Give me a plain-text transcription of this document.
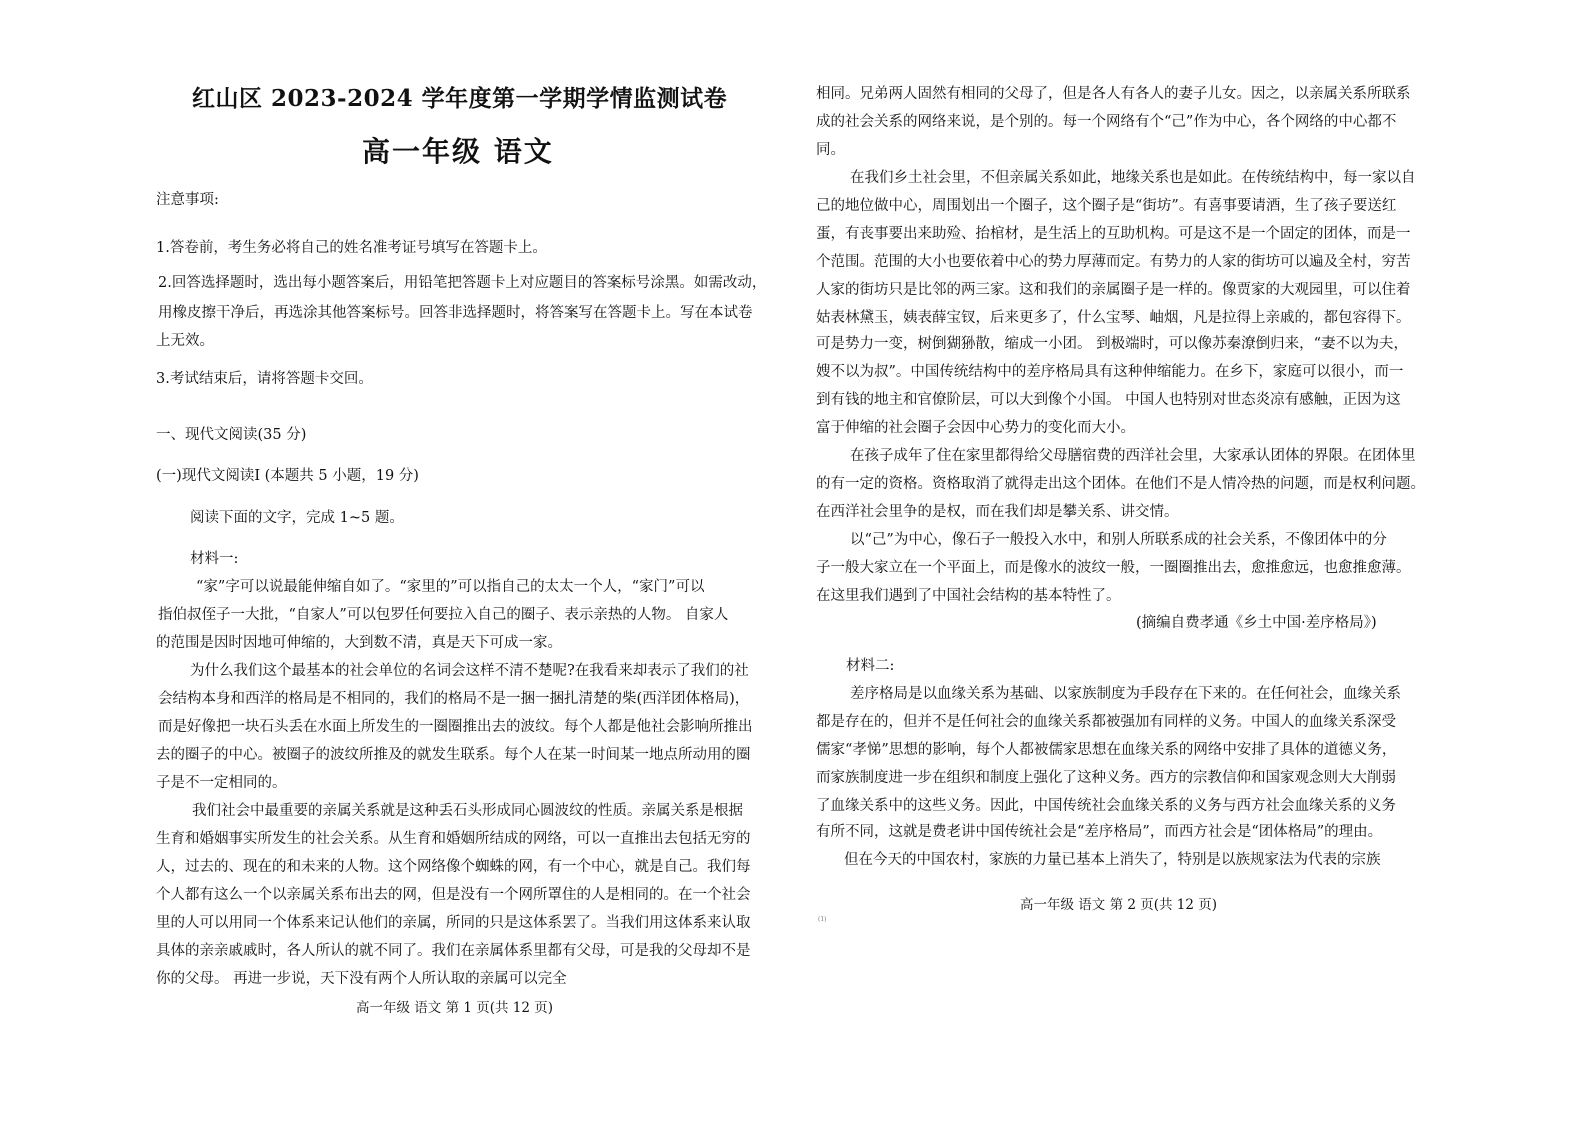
红山区 2023-2024 学年度第一学期学情监测试卷
高一年级 语文
注意事项:
1.答卷前，考生务必将自己的姓名准考证号填写在答题卡上。
2.回答选择题时，选出每小题答案后，用铅笔把答题卡上对应题目的答案标号涂黑。如需改动，
用橡皮擦干净后，再选涂其他答案标号。回答非选择题时，将答案写在答题卡上。写在本试卷
上无效。
3.考试结束后，请将答题卡交回。
一、现代文阅读(35 分)
(一)现代文阅读Ⅰ (本题共 5 小题，19 分)
阅读下面的文字，完成 1~5 题。
材料一:
“家”字可以说最能伸缩自如了。“家里的”可以指自己的太太一个人，“家门”可以
指伯叔侄子一大批，“自家人”可以包罗任何要拉入自己的圈子、表示亲热的人物。 自家人
的范围是因时因地可伸缩的，大到数不清，真是天下可成一家。
为什么我们这个最基本的社会单位的名词会这样不清不楚呢?在我看来却表示了我们的社
会结构本身和西洋的格局是不相同的，我们的格局不是一捆一捆扎清楚的柴(西洋团体格局)，
而是好像把一块石头丢在水面上所发生的一圈圈推出去的波纹。每个人都是他社会影响所推出
去的圈子的中心。被圈子的波纹所推及的就发生联系。每个人在某一时间某一地点所动用的圈
子是不一定相同的。
我们社会中最重要的亲属关系就是这种丢石头形成同心圆波纹的性质。亲属关系是根据
生育和婚姻事实所发生的社会关系。从生育和婚姻所结成的网络，可以一直推出去包括无穷的
人，过去的、现在的和未来的人物。这个网络像个蜘蛛的网，有一个中心，就是自己。我们每
个人都有这么一个以亲属关系布出去的网，但是没有一个网所罩住的人是相同的。在一个社会
里的人可以用同一个体系来记认他们的亲属，所同的只是这体系罢了。当我们用这体系来认取
具体的亲亲戚戚时，各人所认的就不同了。我们在亲属体系里都有父母，可是我的父母却不是
你的父母。 再进一步说，天下没有两个人所认取的亲属可以完全
高一年级 语文 第 1 页(共 12 页)
相同。兄弟两人固然有相同的父母了，但是各人有各人的妻子儿女。因之，以亲属关系所联系
成的社会关系的网络来说，是个别的。每一个网络有个“己”作为中心，各个网络的中心都不
同。
在我们乡土社会里，不但亲属关系如此，地缘关系也是如此。在传统结构中，每一家以自
己的地位做中心，周围划出一个圈子，这个圈子是“街坊”。有喜事要请酒，生了孩子要送红
蛋，有丧事要出来助殓、抬棺材，是生活上的互助机构。可是这不是一个固定的团体，而是一
个范围。范围的大小也要依着中心的势力厚薄而定。有势力的人家的街坊可以遍及全村，穷苦
人家的街坊只是比邻的两三家。这和我们的亲属圈子是一样的。像贾家的大观园里，可以住着
姑表林黛玉，姨表薛宝钗，后来更多了，什么宝琴、岫烟，凡是拉得上亲戚的，都包容得下。
可是势力一变，树倒猢狲散，缩成一小团。 到极端时，可以像苏秦潦倒归来，“妻不以为夫，
嫂不以为叔”。中国传统结构中的差序格局具有这种伸缩能力。在乡下，家庭可以很小，而一
到有钱的地主和官僚阶层，可以大到像个小国。 中国人也特别对世态炎凉有感触，正因为这
富于伸缩的社会圈子会因中心势力的变化而大小。
在孩子成年了住在家里都得给父母膳宿费的西洋社会里，大家承认团体的界限。在团体里
的有一定的资格。资格取消了就得走出这个团体。在他们不是人情冷热的问题，而是权利问题。
在西洋社会里争的是权，而在我们却是攀关系、讲交情。
以“己”为中心，像石子一般投入水中，和别人所联系成的社会关系，不像团体中的分
子一般大家立在一个平面上，而是像水的波纹一般，一圈圈推出去，愈推愈远，也愈推愈薄。
在这里我们遇到了中国社会结构的基本特性了。
(摘编自费孝通《乡土中国·差序格局》)
材料二:
差序格局是以血缘关系为基础、以家族制度为手段存在下来的。在任何社会，血缘关系
都是存在的，但并不是任何社会的血缘关系都被强加有同样的义务。中国人的血缘关系深受
儒家“孝悌”思想的影响，每个人都被儒家思想在血缘关系的网络中安排了具体的道德义务，
而家族制度进一步在组织和制度上强化了这种义务。西方的宗教信仰和国家观念则大大削弱
了血缘关系中的这些义务。因此，中国传统社会血缘关系的义务与西方社会血缘关系的义务
有所不同，这就是费老讲中国传统社会是“差序格局”，而西方社会是“团体格局”的理由。
但在今天的中国农村，家族的力量已基本上消失了，特别是以族规家法为代表的宗族
高一年级 语文 第 2 页(共 12 页)
(1)
